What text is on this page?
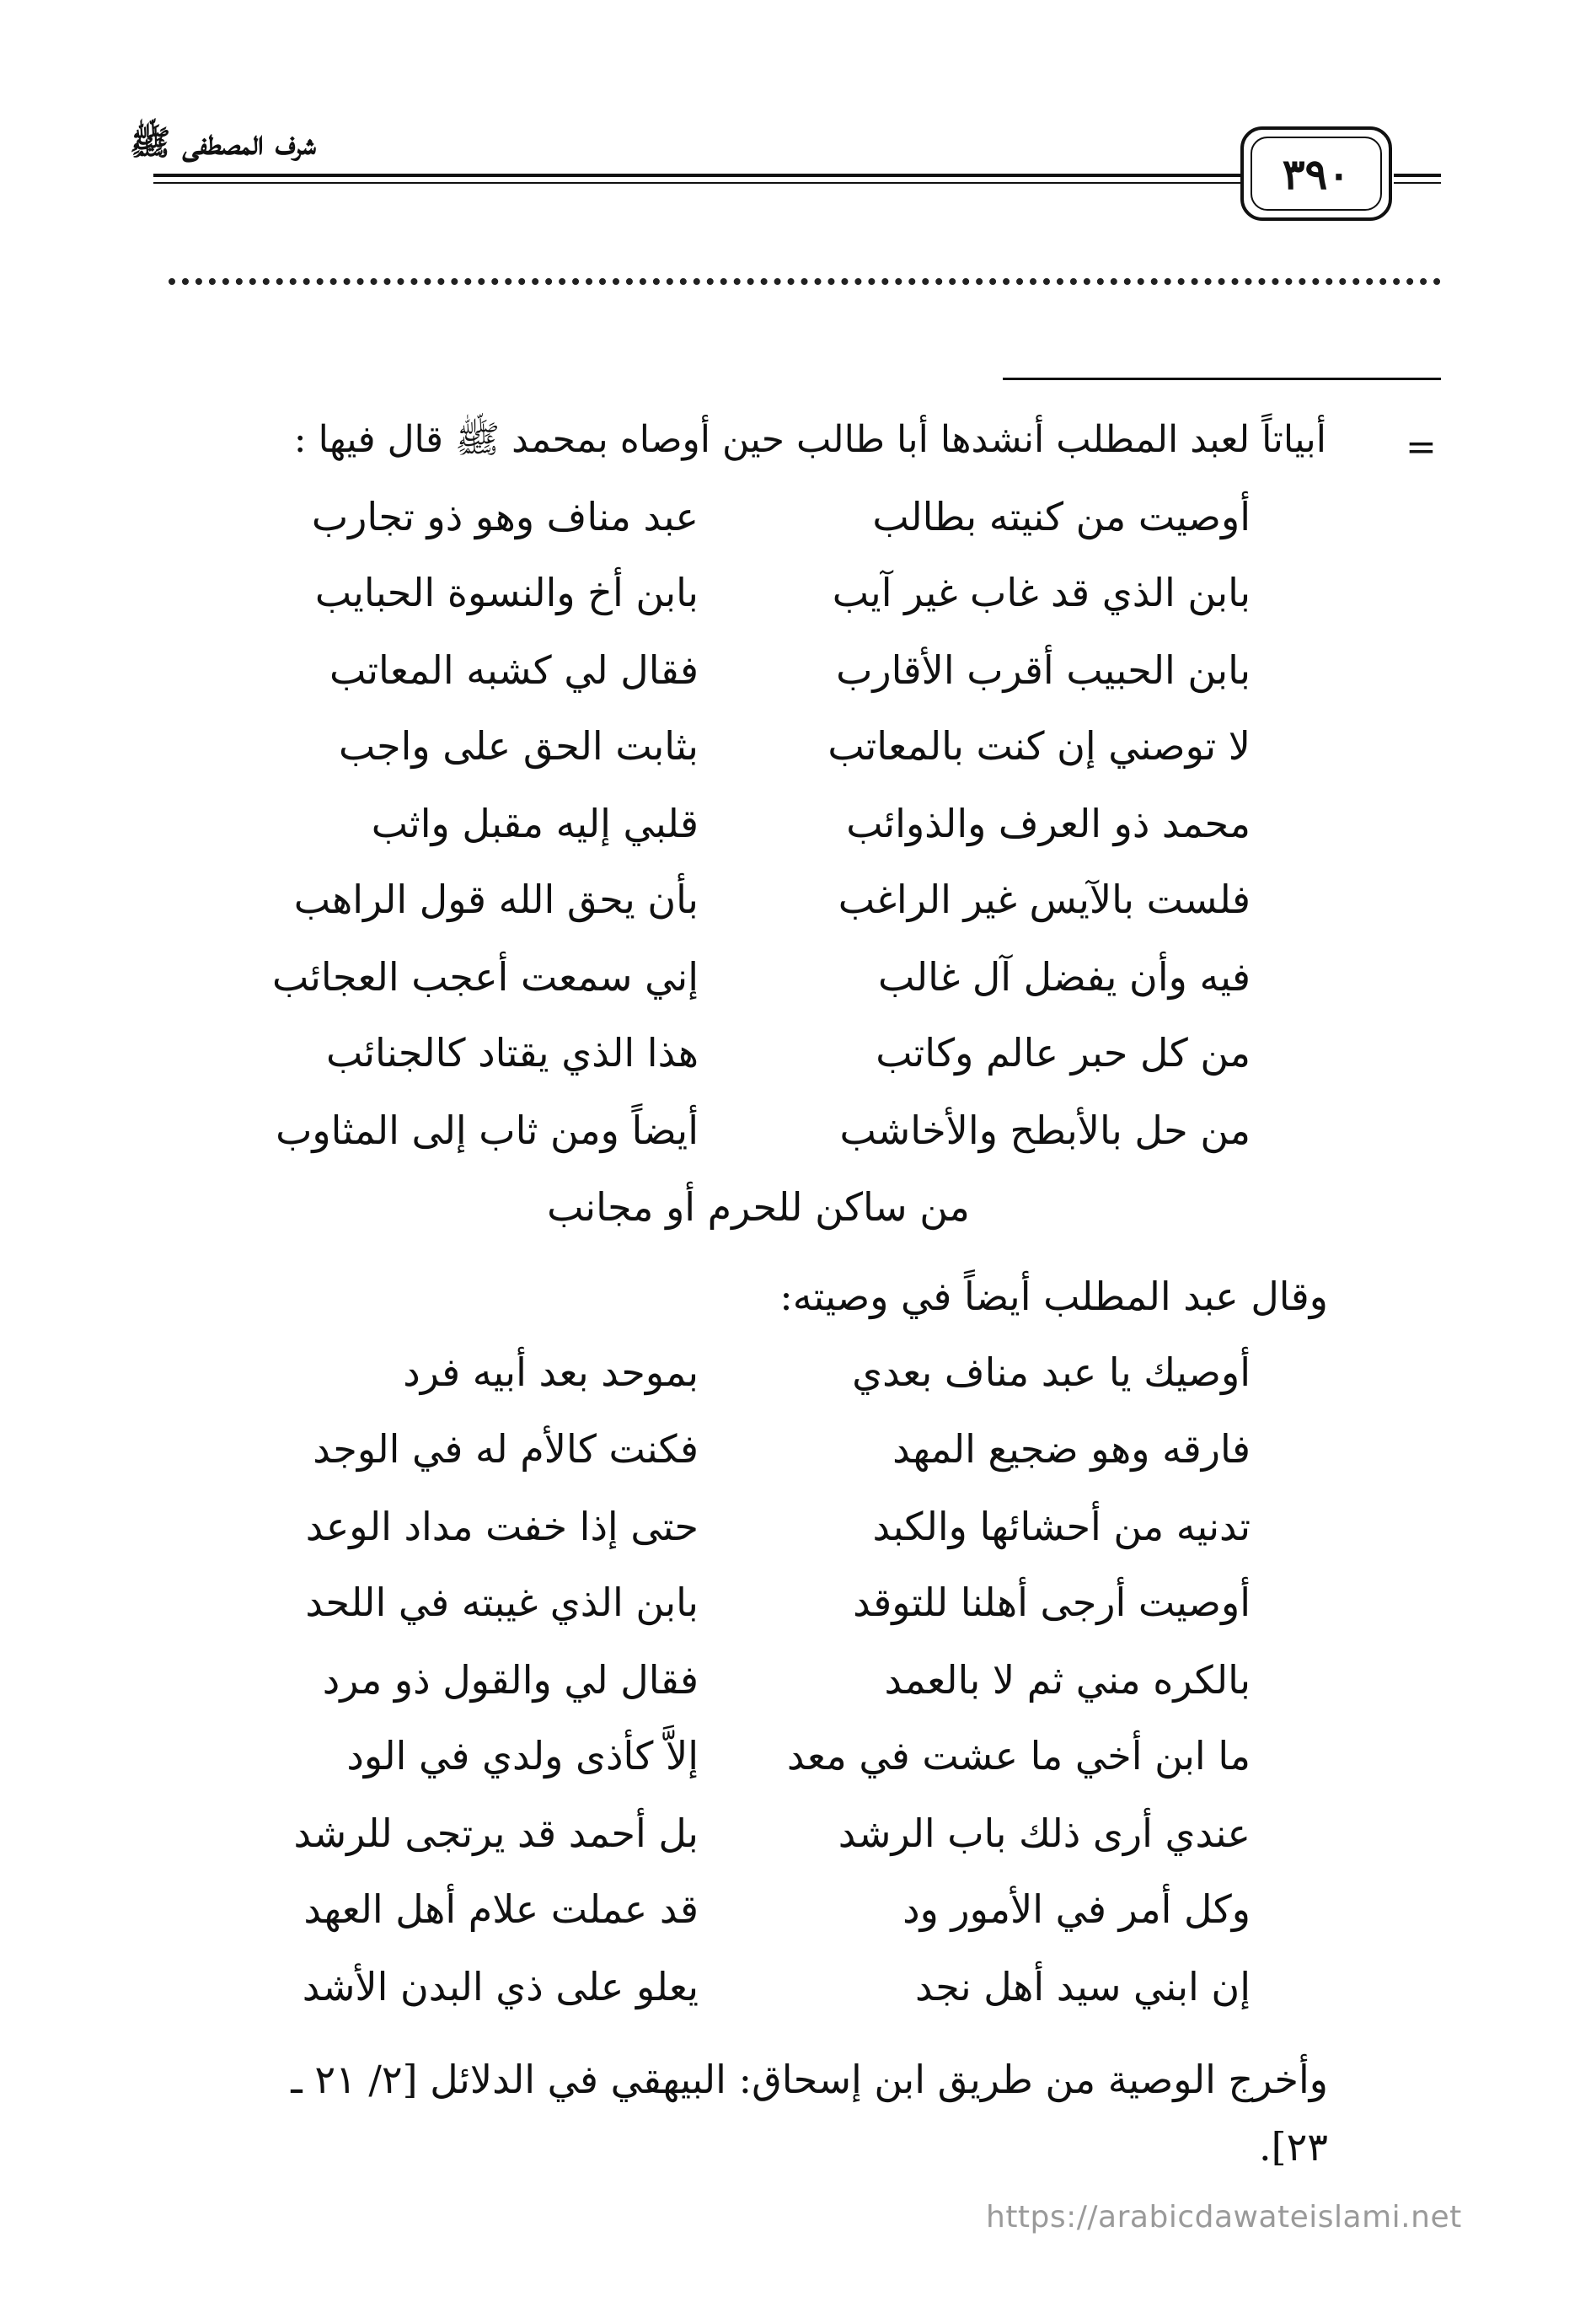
شرف المصطفى ﷺ
٣٩٠
=
أبياتاً لعبد المطلب أنشدها أبا طالب حين أوصاه بمحمد ﷺ قال فيها :
أوصيت من كنيته بطالب
عبد مناف وهو ذو تجارب
بابن الذي قد غاب غير آيب
بابن أخ والنسوة الحبايب
بابن الحبيب أقرب الأقارب
فقال لي كشبه المعاتب
لا توصني إن كنت بالمعاتب
بثابت الحق على واجب
محمد ذو العرف والذوائب
قلبي إليه مقبل واثب
فلست بالآيس غير الراغب
بأن يحق الله قول الراهب
فيه وأن يفضل آل غالب
إني سمعت أعجب العجائب
من كل حبر عالم وكاتب
هذا الذي يقتاد كالجنائب
من حل بالأبطح والأخاشب
أيضاً ومن ثاب إلى المثاوب
من ساكن للحرم أو مجانب
وقال عبد المطلب أيضاً في وصيته:
أوصيك يا عبد مناف بعدي
بموحد بعد أبيه فرد
فارقه وهو ضجيع المهد
فكنت كالأم له في الوجد
تدنيه من أحشائها والكبد
حتى إذا خفت مداد الوعد
أوصيت أرجى أهلنا للتوقد
بابن الذي غيبته في اللحد
بالكره مني ثم لا بالعمد
فقال لي والقول ذو مرد
ما ابن أخي ما عشت في معد
إلاَّ كأذى ولدي في الود
عندي أرى ذلك باب الرشد
بل أحمد قد يرتجى للرشد
وكل أمر في الأمور ود
قد عملت علام أهل العهد
إن ابني سيد أهل نجد
يعلو على ذي البدن الأشد
وأخرج الوصية من طريق ابن إسحاق: البيهقي في الدلائل [٢/ ٢١ ـ
٢٣].
https://arabicdawateislami.net
